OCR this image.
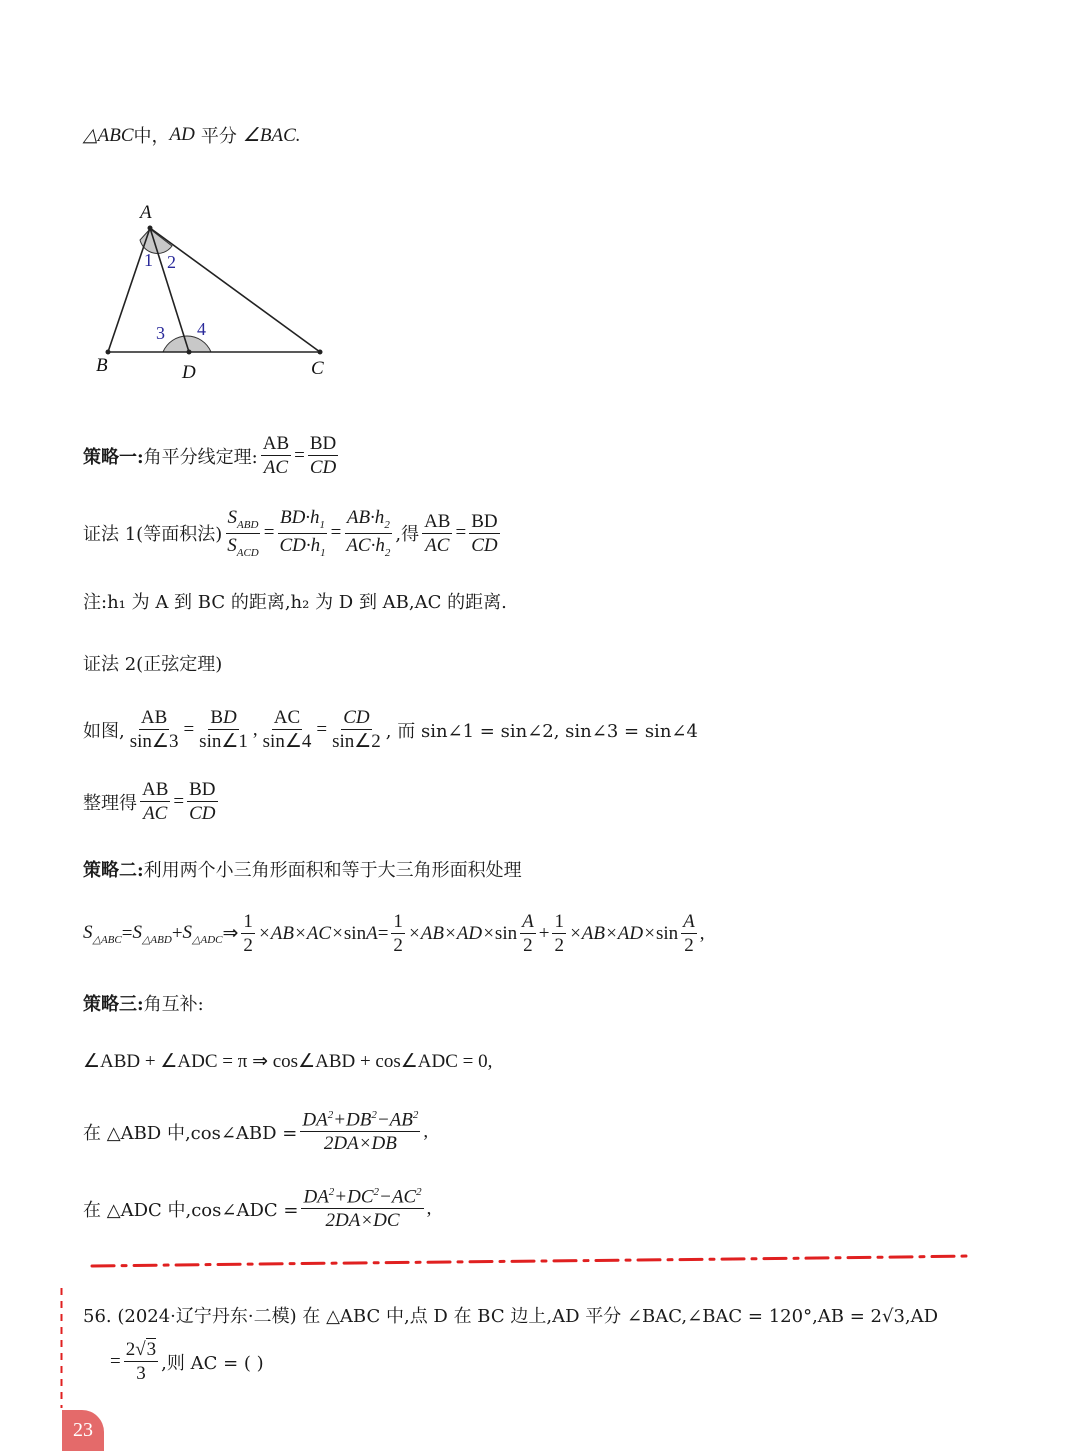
△ABC 中， AD 平分 ∠BAC.
A
B	D	C
1 2
3 4
策略一: 角平分线定理: $\frac{AB}{AC} = \frac{BD}{CD}$
证法 1(等面积法) $\frac{S_{ABD}}{S_{ACD}} = \frac{BD\cdot h_1}{CD\cdot h_1} = \frac{AB\cdot h_2}{AC\cdot h_2}$ ,得 $\frac{AB}{AC} = \frac{BD}{CD}$
注:h₁ 为 A 到 BC 的距离,h₂ 为 D 到 AB,AC 的距离.
证法 2(正弦定理)
如图, $\frac{AB}{\sin\angle 3} = \frac{BD}{\sin\angle 1}$ , $\frac{AC}{\sin\angle 4} = \frac{CD}{\sin\angle 2}$ , 而 sin∠1 = sin∠2, sin∠3 = sin∠4
整理得 $\frac{AB}{AC} = \frac{BD}{CD}$
策略二: 利用两个小三角形面积和等于大三角形面积处理
$S_{\triangle ABC} = S_{\triangle ABD} + S_{\triangle ADC}$ ⇒ $\frac{1}{2} \times AB\times AC\times \sin A = \frac{1}{2} \times AB\times AD\times \sin \frac{A}{2} + \frac{1}{2} \times AB\times AD\times \sin \frac{A}{2}$ ,
策略三: 角互补:
∠ABD + ∠ADC = π ⇒ cos∠ABD + cos∠ADC = 0,
在 △ABD 中,cos∠ABD = $\frac{DA^2+DB^2-AB^2}{2DA\times DB}$ ,
在 △ADC 中,cos∠ADC = $\frac{DA^2+DC^2-AC^2}{2DA\times DC}$ ,
56. (2024·辽宁丹东·二模) 在 △ABC 中,点 D 在 BC 边上,AD 平分 ∠BAC,∠BAC = 120°,AB = 2√3,AD
= $\frac{2√3}{3}$ ,则 AC = ( )
23
